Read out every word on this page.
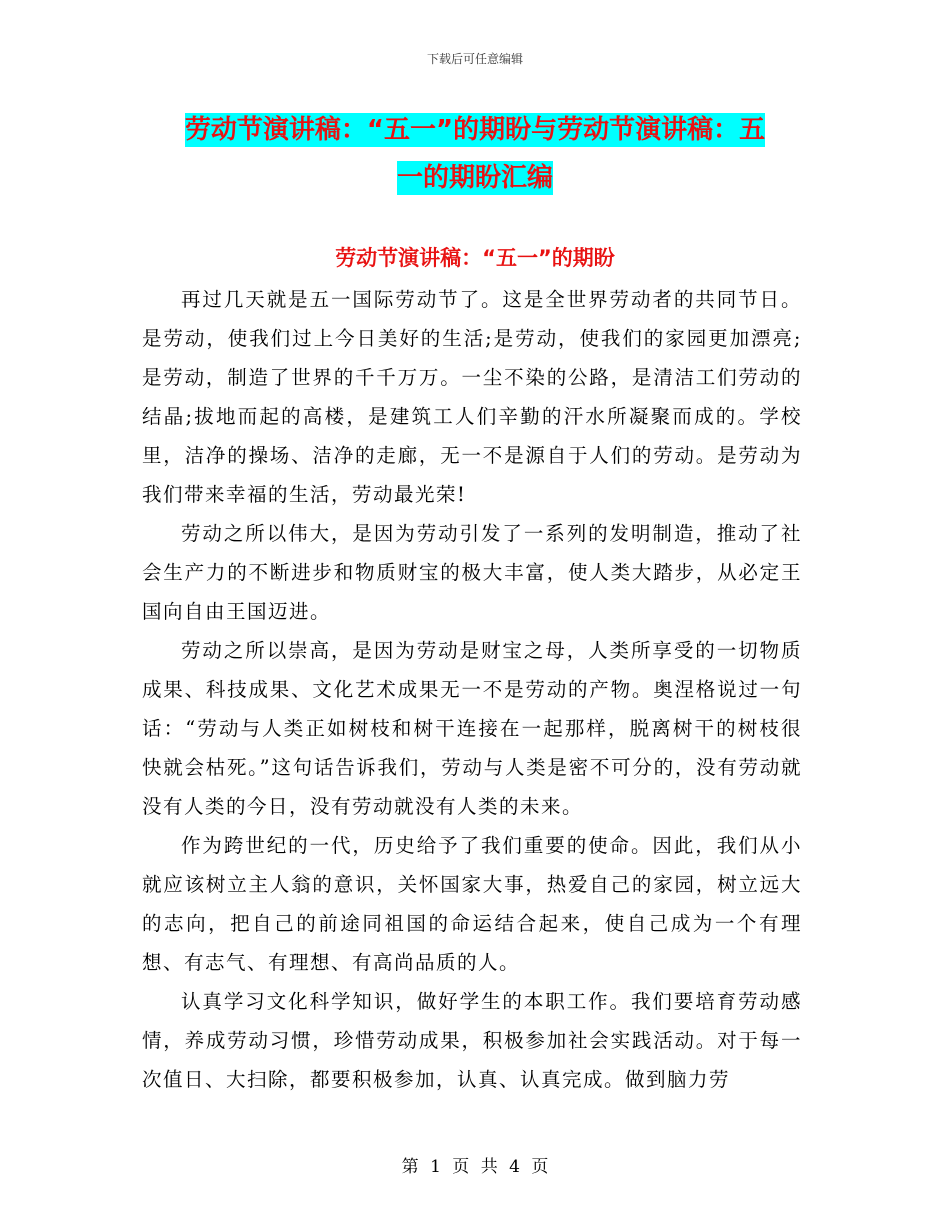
下载后可任意编辑
劳动节演讲稿：“五一”的期盼与劳动节演讲稿：五
一的期盼汇编
劳动节演讲稿：“五一”的期盼

再过几天就是五一国际劳动节了。这是全世界劳动者的共同节日。是劳动，使我们过上今日美好的生活;是劳动，使我们的家园更加漂亮;是劳动，制造了世界的千千万万。一尘不染的公路，是清洁工们劳动的结晶;拔地而起的高楼，是建筑工人们辛勤的汗水所凝聚而成的。学校里，洁净的操场、洁净的走廊，无一不是源自于人们的劳动。是劳动为我们带来幸福的生活，劳动最光荣!

劳动之所以伟大，是因为劳动引发了一系列的发明制造，推动了社会生产力的不断进步和物质财宝的极大丰富，使人类大踏步，从必定王国向自由王国迈进。

劳动之所以崇高，是因为劳动是财宝之母，人类所享受的一切物质成果、科技成果、文化艺术成果无一不是劳动的产物。奥涅格说过一句话：“劳动与人类正如树枝和树干连接在一起那样，脱离树干的树枝很快就会枯死。”这句话告诉我们，劳动与人类是密不可分的，没有劳动就没有人类的今日，没有劳动就没有人类的未来。

作为跨世纪的一代，历史给予了我们重要的使命。因此，我们从小就应该树立主人翁的意识，关怀国家大事，热爱自己的家园，树立远大的志向，把自己的前途同祖国的命运结合起来，使自己成为一个有理想、有志气、有理想、有高尚品质的人。

认真学习文化科学知识，做好学生的本职工作。我们要培育劳动感情，养成劳动习惯，珍惜劳动成果，积极参加社会实践活动。对于每一次值日、大扫除，都要积极参加，认真、认真完成。做到脑力劳

第 1 页 共 4 页
